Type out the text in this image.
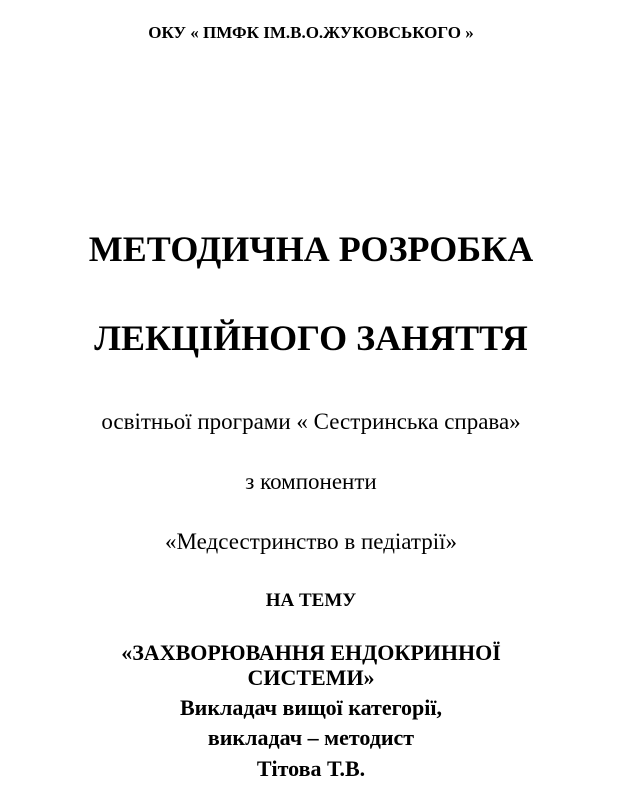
ОКУ « ПМФК ІМ.В.О.ЖУКОВСЬКОГО »
МЕТОДИЧНА РОЗРОБКА
ЛЕКЦІЙНОГО ЗАНЯТТЯ
освітньої програми « Сестринська справа»
з компоненти
«Медсестринство в педіатрії»
НА ТЕМУ
«ЗАХВОРЮВАННЯ ЕНДОКРИННОЇ
СИСТЕМИ»
Викладач вищої категорії,
викладач – методист
Тітова Т.В.
